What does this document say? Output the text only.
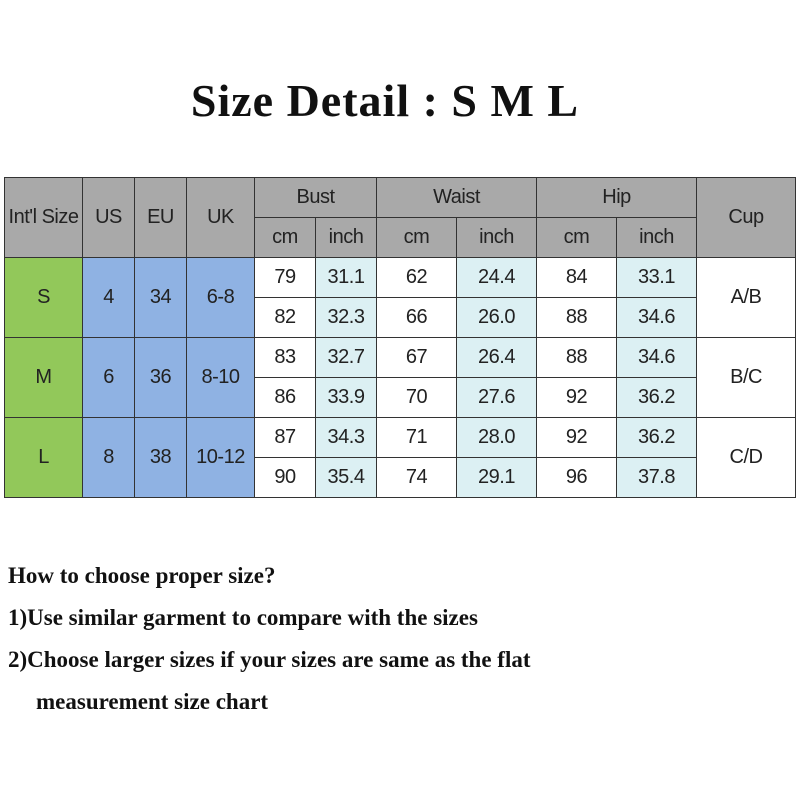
Size Detail : S M L
Int'l Size	US	EU	UK	Bust		Waist		Hip		Cup
				cm	inch	cm	inch	cm	inch	
S	4	34	6-8	79	31.1	62	24.4	84	33.1	A/B
				82	32.3	66	26.0	88	34.6	
M	6	36	8-10	83	32.7	67	26.4	88	34.6	B/C
				86	33.9	70	27.6	92	36.2	
L	8	38	10-12	87	34.3	71	28.0	92	36.2	C/D
				90	35.4	74	29.1	96	37.8	
How to choose proper size?
1)Use similar garment to compare with the sizes
2)Choose larger sizes if your sizes are same as the flat
measurement size chart
